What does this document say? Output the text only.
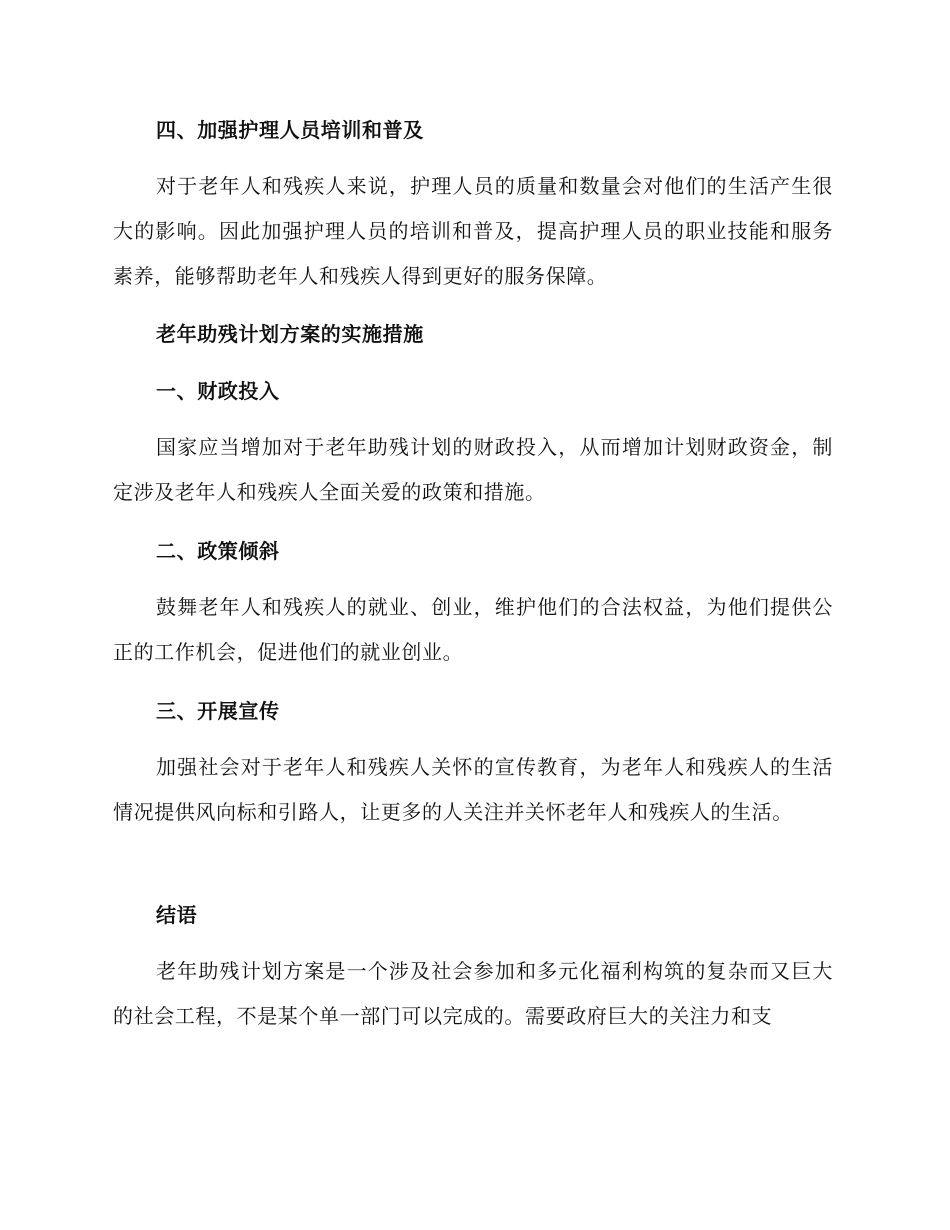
四、加强护理人员培训和普及
对于老年人和残疾人来说，护理人员的质量和数量会对他们的生活产生很大的影响。因此加强护理人员的培训和普及，提高护理人员的职业技能和服务素养，能够帮助老年人和残疾人得到更好的服务保障。
老年助残计划方案的实施措施
一、财政投入
国家应当增加对于老年助残计划的财政投入，从而增加计划财政资金，制定涉及老年人和残疾人全面关爱的政策和措施。
二、政策倾斜
鼓舞老年人和残疾人的就业、创业，维护他们的合法权益，为他们提供公正的工作机会，促进他们的就业创业。
三、开展宣传
加强社会对于老年人和残疾人关怀的宣传教育，为老年人和残疾人的生活情况提供风向标和引路人，让更多的人关注并关怀老年人和残疾人的生活。
结语
老年助残计划方案是一个涉及社会参加和多元化福利构筑的复杂而又巨大的社会工程，不是某个单一部门可以完成的。需要政府巨大的关注力和支
